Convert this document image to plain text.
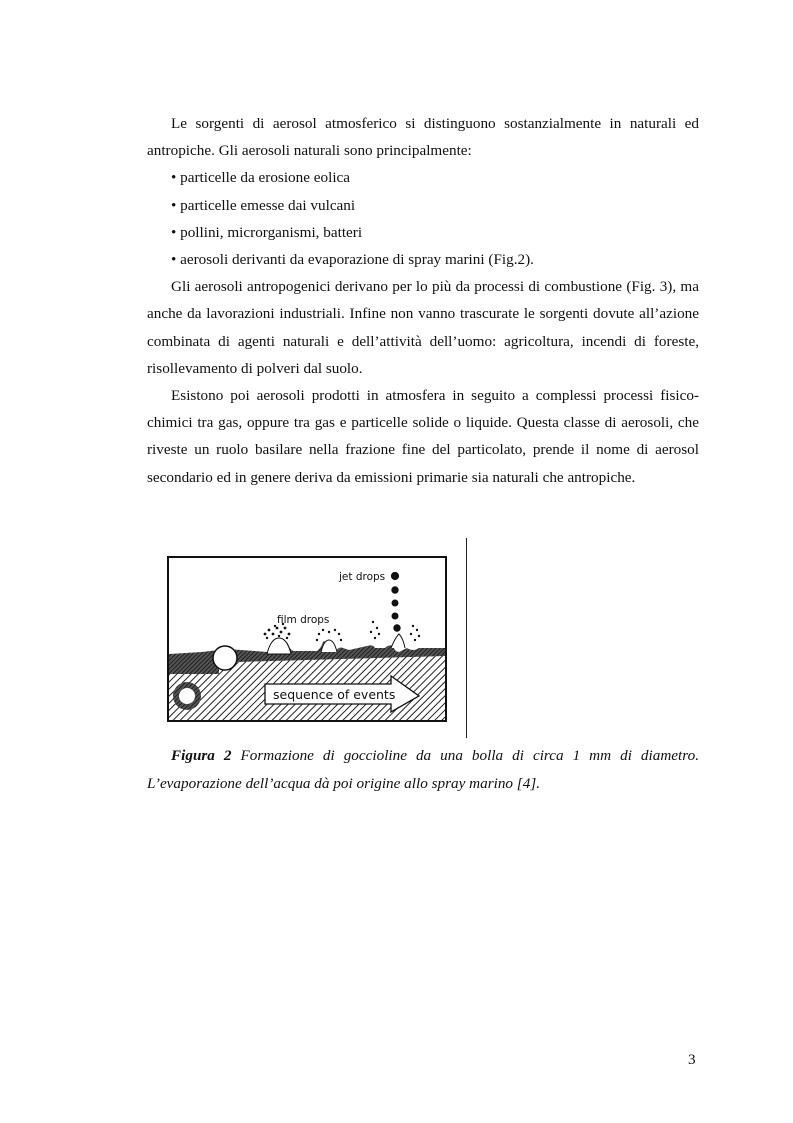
Le sorgenti di aerosol atmosferico si distinguono sostanzialmente in naturali ed antropiche. Gli aerosoli naturali sono principalmente:

• particelle da erosione eolica

• particelle emesse dai vulcani

• pollini, microrganismi, batteri

• aerosoli derivanti da evaporazione di spray marini (Fig.2).

Gli aerosoli antropogenici derivano per lo più da processi di combustione (Fig. 3), ma anche da lavorazioni industriali. Infine non vanno trascurate le sorgenti dovute all’azione combinata di agenti naturali e dell’attività dell’uomo: agricoltura, incendi di foreste, risollevamento di polveri dal suolo.

Esistono poi aerosoli prodotti in atmosfera in seguito a complessi processi fisico-chimici tra gas, oppure tra gas e particelle solide o liquide. Questa classe di aerosoli, che riveste un ruolo basilare nella frazione fine del particolato, prende il nome di aerosol secondario ed in genere deriva da emissioni primarie sia naturali che antropiche.

jet drops
film drops
sequence of events

Figura 2 Formazione di goccioline da una bolla di circa 1 mm di diametro. L’evaporazione dell’acqua dà poi origine allo spray marino [4].

3
